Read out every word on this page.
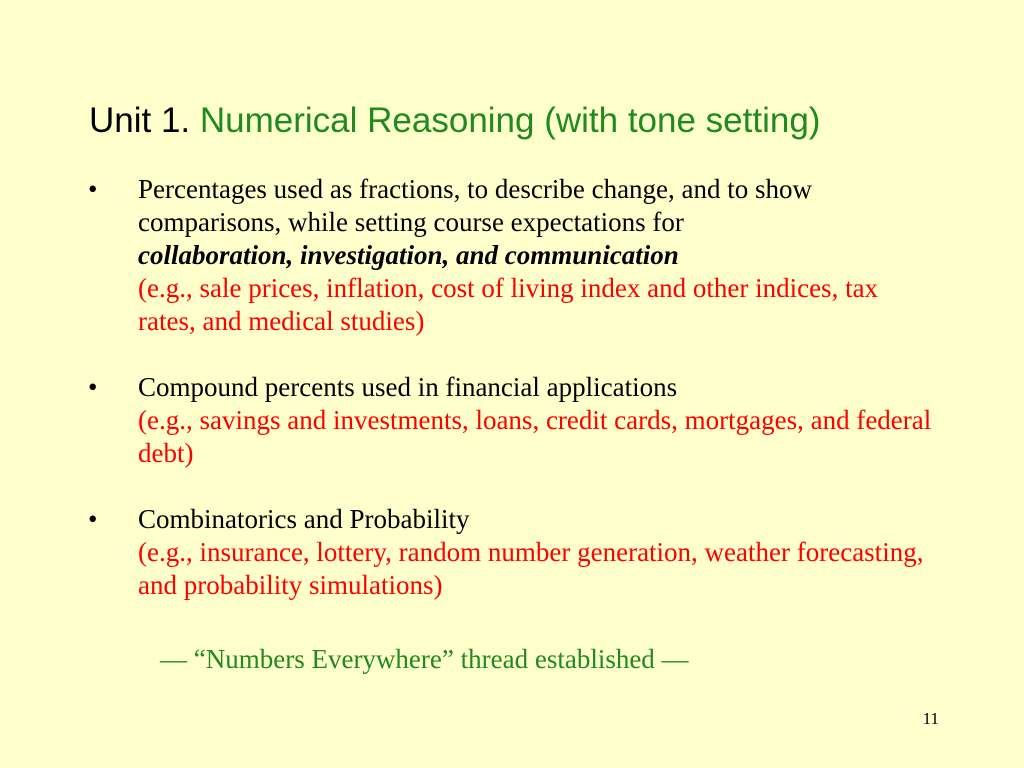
Unit 1. Numerical Reasoning (with tone setting)
•	Percentages used as fractions, to describe change, and to show comparisons, while setting course expectations for
collaboration, investigation, and communication
(e.g., sale prices, inflation, cost of living index and other indices, tax rates, and medical studies)
•	Compound percents used in financial applications
(e.g., savings and investments, loans, credit cards, mortgages, and federal debt)
•	Combinatorics and Probability
(e.g., insurance, lottery, random number generation, weather forecasting, and probability simulations)

— “Numbers Everywhere” thread established —

11
